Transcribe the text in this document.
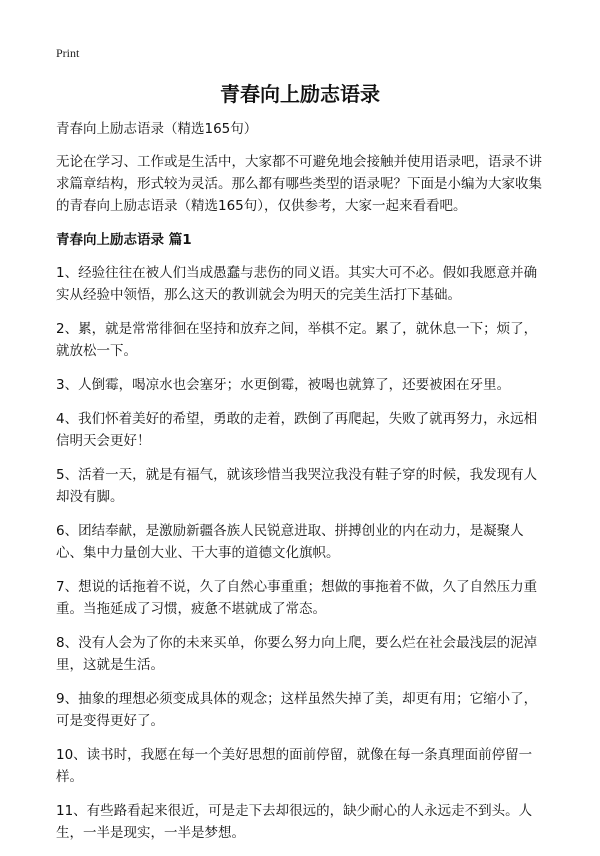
Print
青春向上励志语录

青春向上励志语录（精选165句）

无论在学习、工作或是生活中，大家都不可避免地会接触并使用语录吧，语录不讲求篇章结构，形式较为灵活。那么都有哪些类型的语录呢？下面是小编为大家收集的青春向上励志语录（精选165句），仅供参考，大家一起来看看吧。

青春向上励志语录 篇1

1、经验往往在被人们当成愚蠢与悲伤的同义语。其实大可不必。假如我愿意并确实从经验中领悟，那么这天的教训就会为明天的完美生活打下基础。

2、累，就是常常徘徊在坚持和放弃之间，举棋不定。累了，就休息一下；烦了，就放松一下。

3、人倒霉，喝凉水也会塞牙；水更倒霉，被喝也就算了，还要被困在牙里。

4、我们怀着美好的希望，勇敢的走着，跌倒了再爬起，失败了就再努力，永远相信明天会更好！

5、活着一天，就是有福气，就该珍惜当我哭泣我没有鞋子穿的时候，我发现有人却没有脚。

6、团结奉献，是激励新疆各族人民锐意进取、拼搏创业的内在动力，是凝聚人心、集中力量创大业、干大事的道德文化旗帜。

7、想说的话拖着不说，久了自然心事重重；想做的事拖着不做，久了自然压力重重。当拖延成了习惯，疲惫不堪就成了常态。

8、没有人会为了你的未来买单，你要么努力向上爬，要么烂在社会最浅层的泥淖里，这就是生活。

9、抽象的理想必须变成具体的观念；这样虽然失掉了美，却更有用；它缩小了，可是变得更好了。

10、读书时，我愿在每一个美好思想的面前停留，就像在每一条真理面前停留一样。

11、有些路看起来很近，可是走下去却很远的，缺少耐心的人永远走不到头。人生，一半是现实，一半是梦想。
